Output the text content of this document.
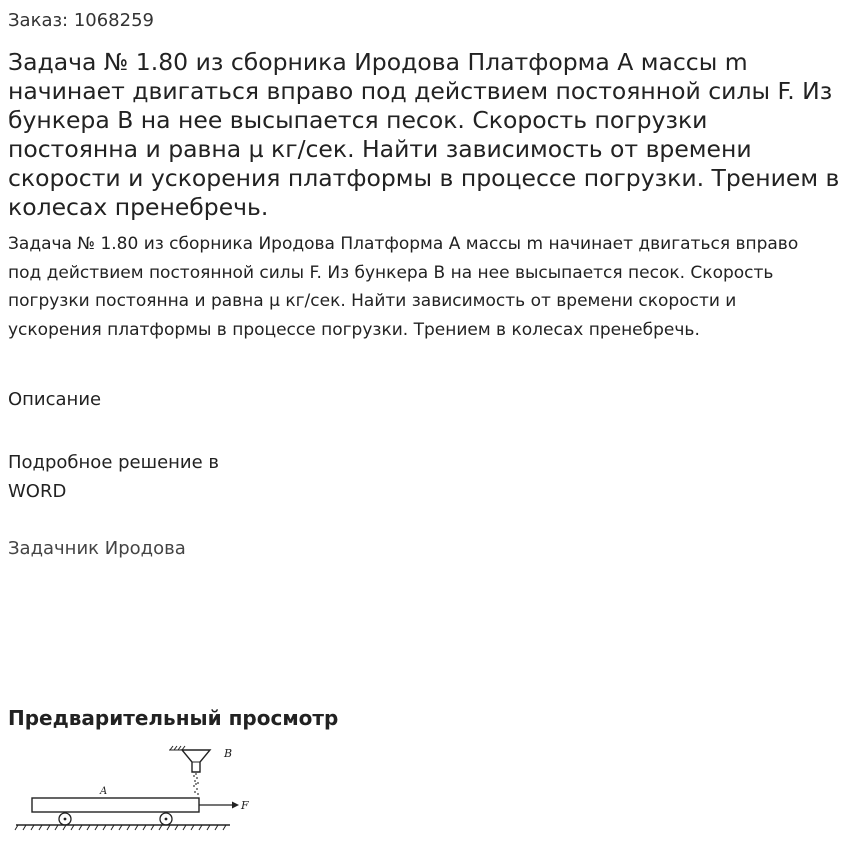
Заказ: 1068259
Задача № 1.80 из сборника Иродова Платформа А массы m начинает двигаться вправо под действием постоянной силы F. Из бункера В на нее высыпается песок. Скорость погрузки постоянна и равна µ кг/сек. Найти зависимость от времени скорости и ускорения платформы в процессе погрузки. Трением в колесах пренебречь.
Задача № 1.80 из сборника Иродова Платформа А массы m начинает двигаться вправо под действием постоянной силы F. Из бункера В на нее высыпается песок. Скорость погрузки постоянна и равна µ кг/сек. Найти зависимость от времени скорости и ускорения платформы в процессе погрузки. Трением в колесах пренебречь.
Описание
Подробное решение в WORD
Задачник Иродова
Предварительный просмотр
B
A
F
